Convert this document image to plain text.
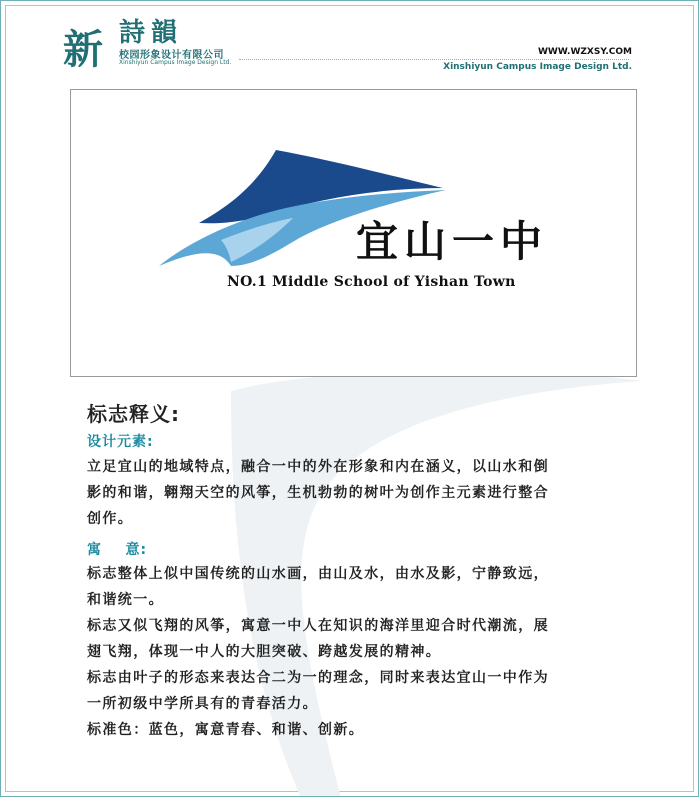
新 詩 韻
校园形象设计有限公司
Xinshiyun Campus Image Design Ltd.
WWW.WZXSY.COM
Xinshiyun Campus Image Design Ltd.
宜山一中
NO.1 Middle School of Yishan Town
标志释义:
设计元素:
立足宜山的地域特点，融合一中的外在形象和内在涵义，以山水和倒
影的和谐，翱翔天空的风筝，生机勃勃的树叶为创作主元素进行整合
创作。
寓    意:
标志整体上似中国传统的山水画，由山及水，由水及影，宁静致远，
和谐统一。
标志又似飞翔的风筝，寓意一中人在知识的海洋里迎合时代潮流，展
翅飞翔，体现一中人的大胆突破、跨越发展的精神。
标志由叶子的形态来表达合二为一的理念，同时来表达宜山一中作为
一所初级中学所具有的青春活力。
标准色：蓝色，寓意青春、和谐、创新。
